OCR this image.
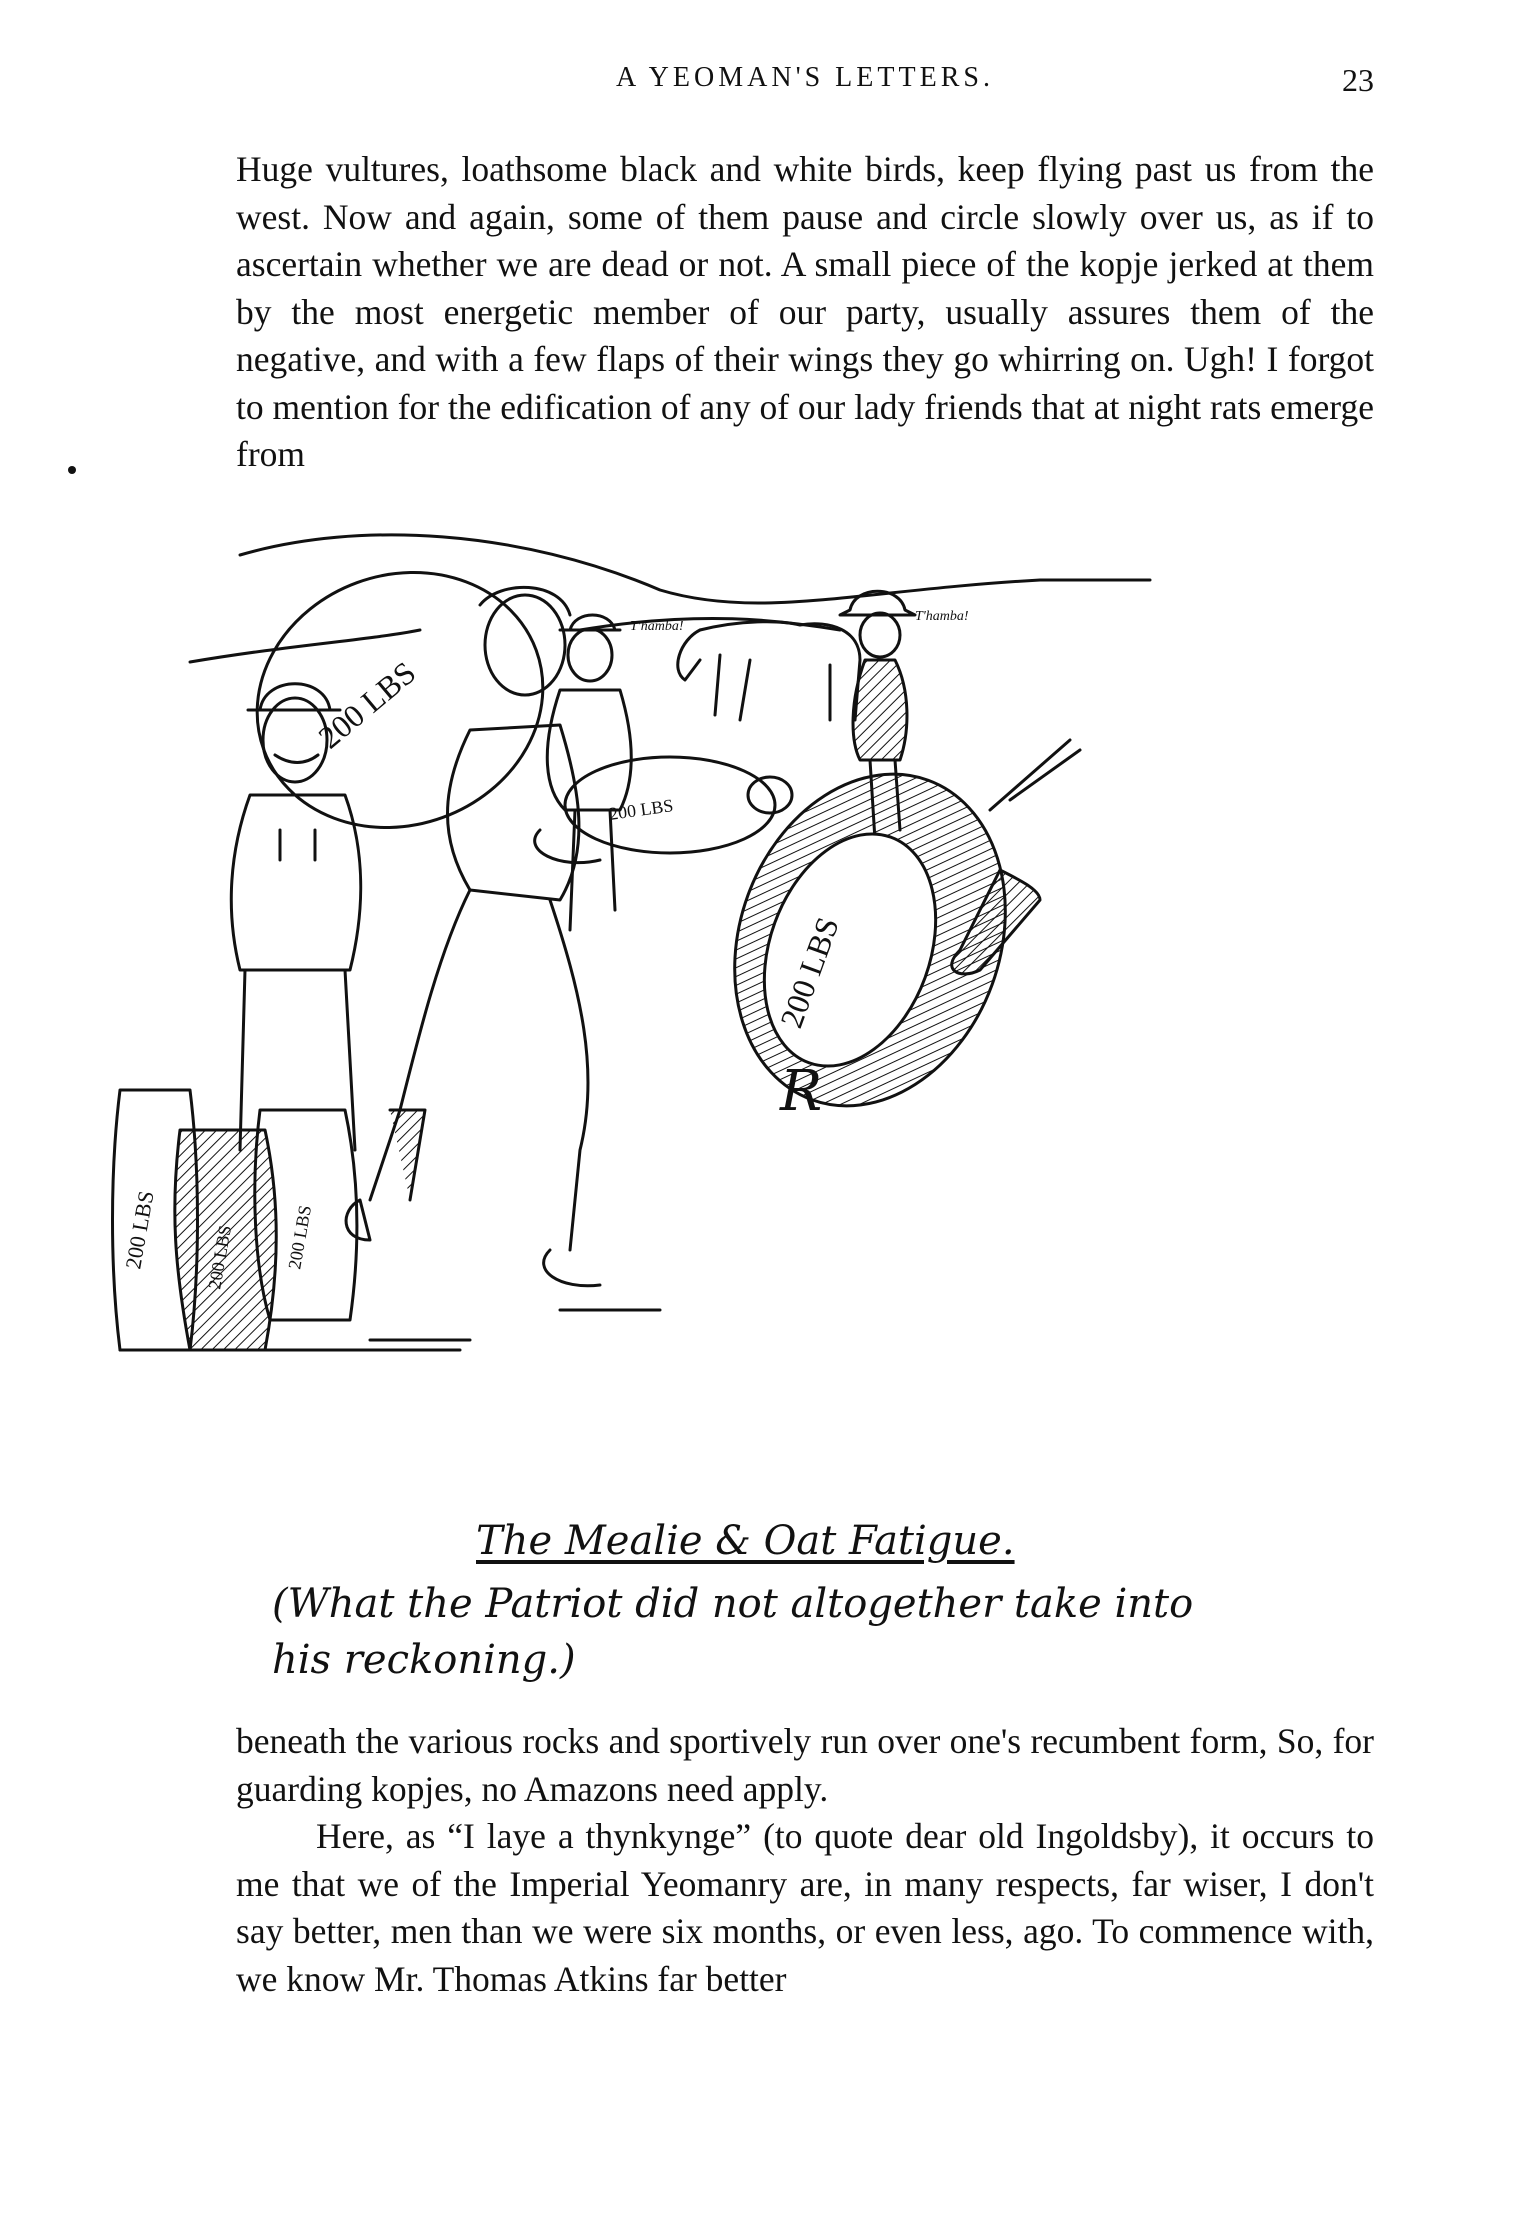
A YEOMAN'S LETTERS.	23

Huge vultures, loathsome black and white birds, keep flying past us from the west. Now and again, some of them pause and circle slowly over us, as if to ascertain whether we are dead or not. A small piece of the kopje jerked at them by the most energetic member of our party, usually assures them of the negative, and with a few flaps of their wings they go whirring on. Ugh! I forgot to mention for the edification of any of our lady friends that at night rats emerge from

200 LBS	200 LBS	200 LBS
200 LBS
T'hamba!
T'hamba!
200 LBS
200 LBS
R
The Mealie & Oat Fatigue.
(What the Patriot did not altogether take into his reckoning.)

beneath the various rocks and sportively run over one's recumbent form, So, for guarding kopjes, no Amazons need apply.

Here, as “I laye a thynkynge” (to quote dear old Ingoldsby), it occurs to me that we of the Imperial Yeomanry are, in many respects, far wiser, I don't say better, men than we were six months, or even less, ago. To commence with, we know Mr. Thomas Atkins far better
